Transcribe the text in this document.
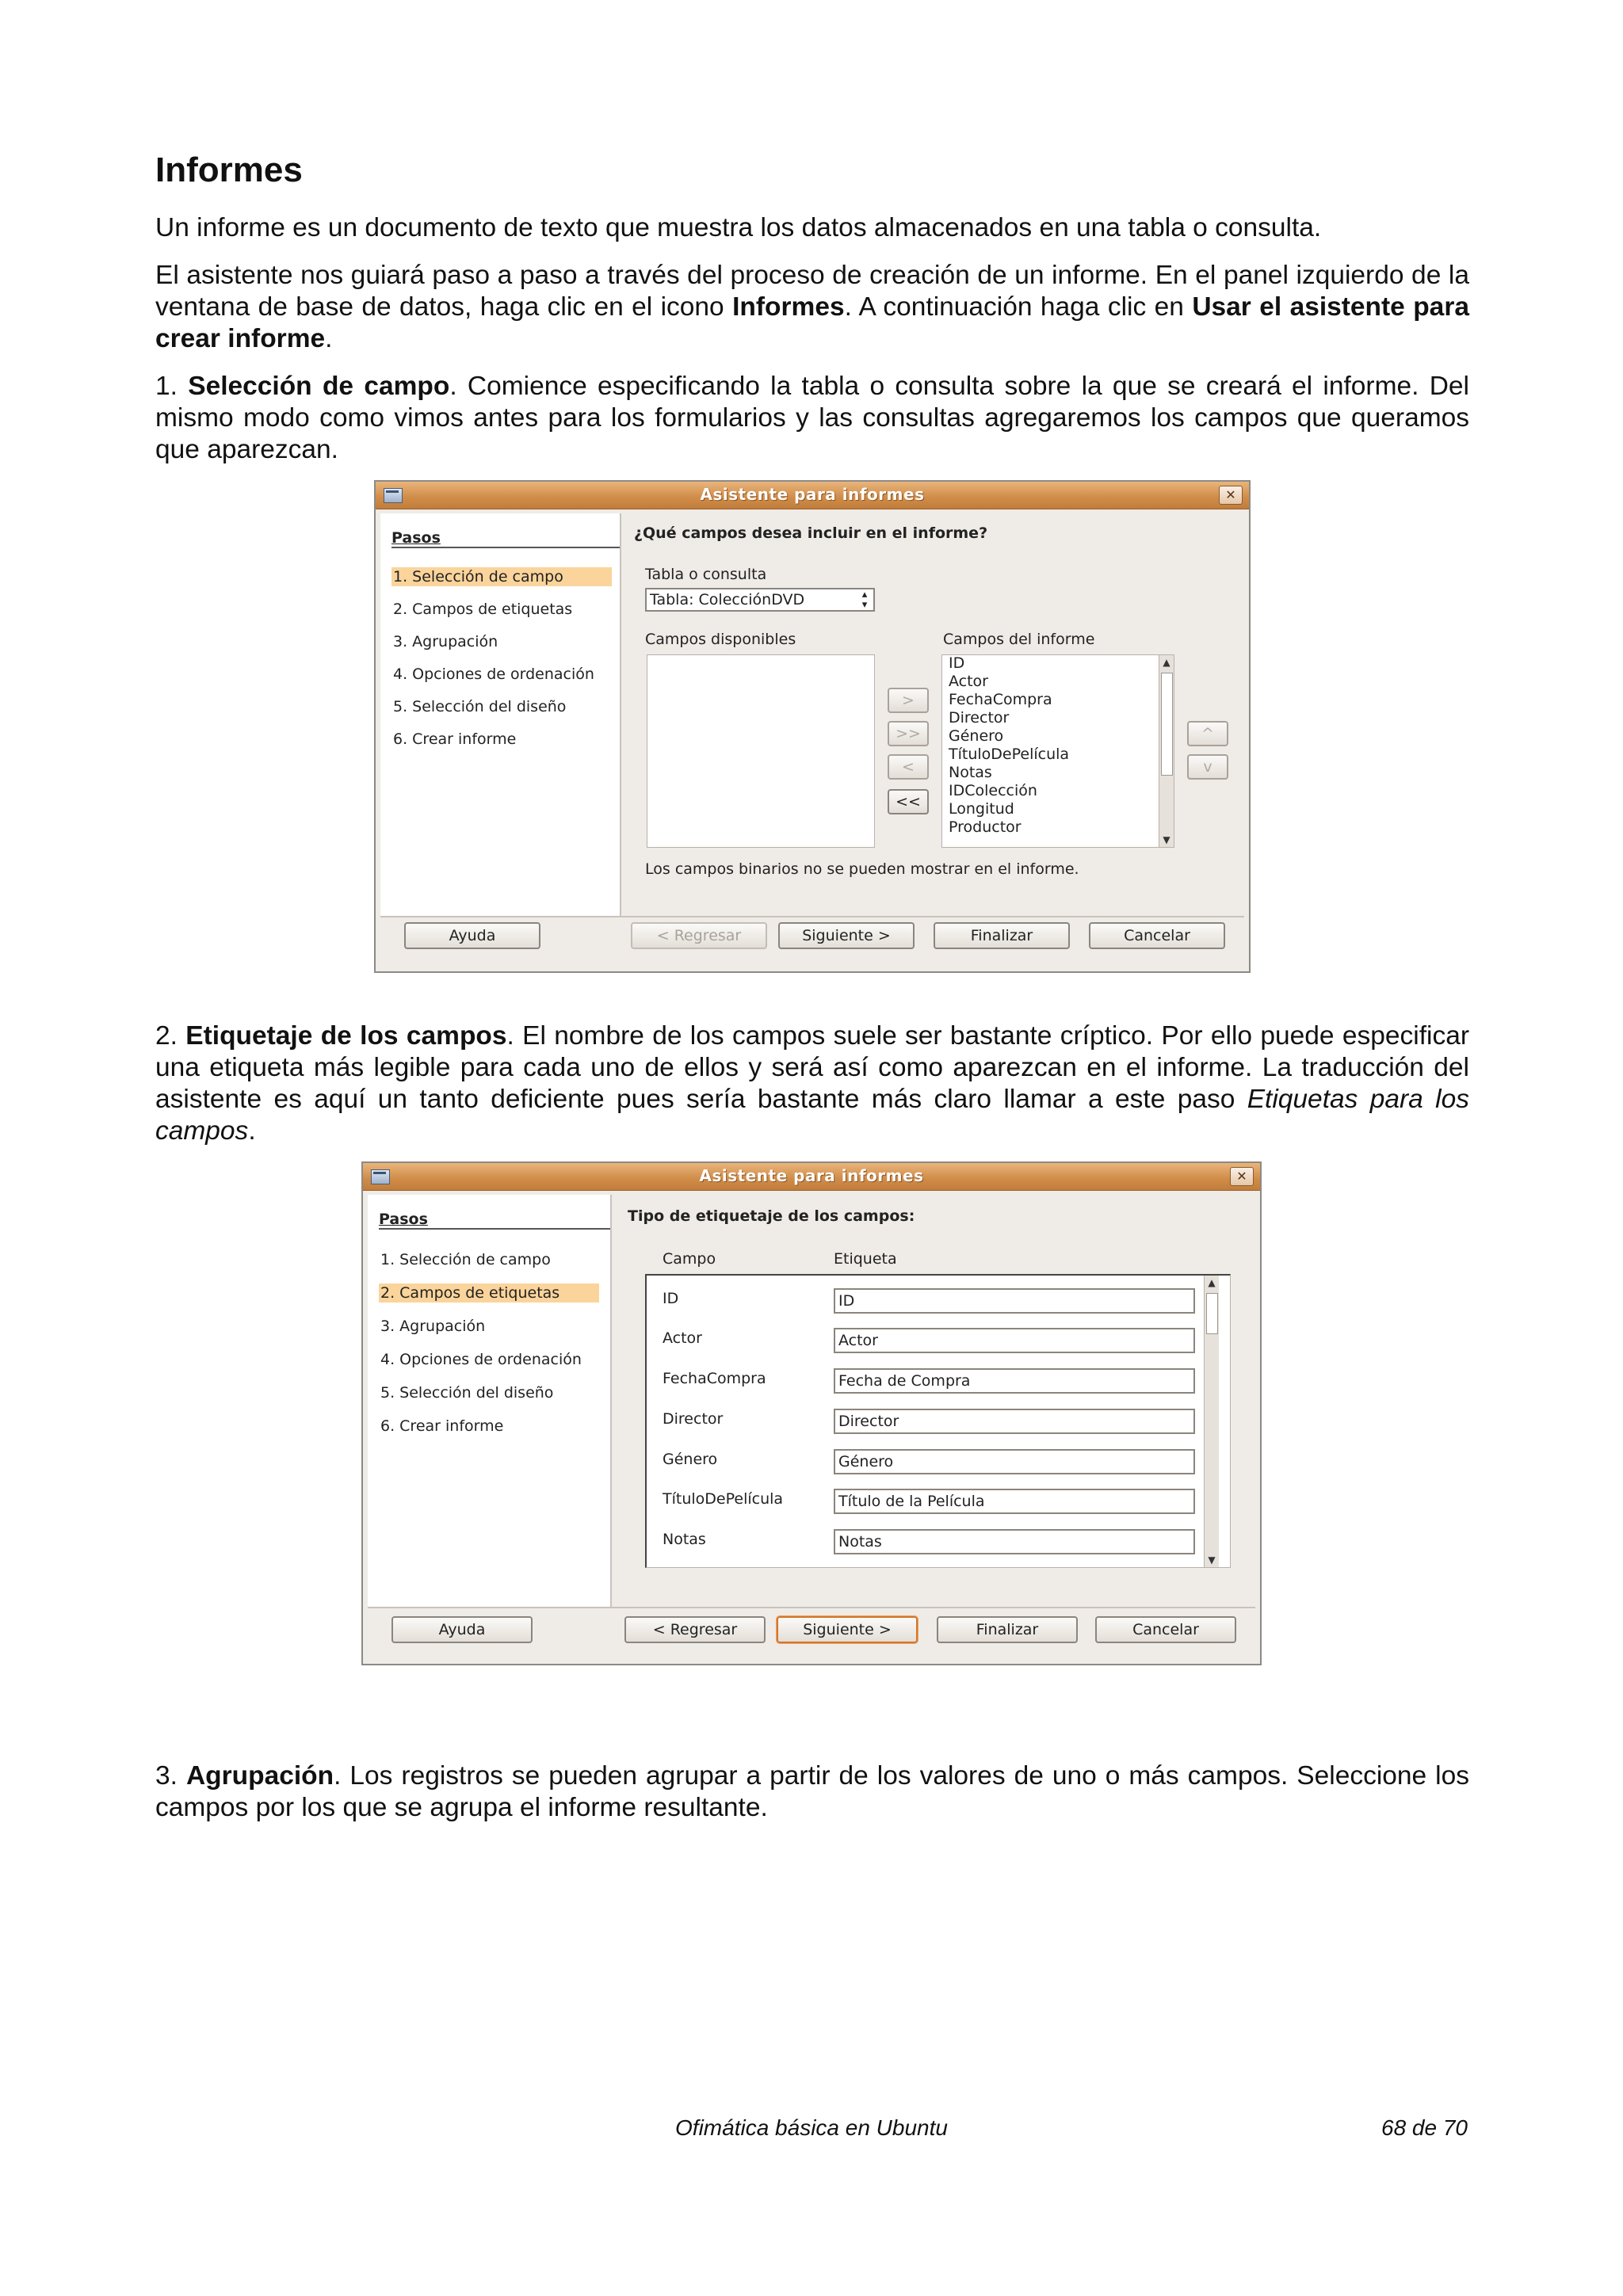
Informes

Un informe es un documento de texto que muestra los datos almacenados en una tabla o consulta.

El asistente nos guiará paso a paso a través del proceso de creación de un informe. En el panel izquierdo de la ventana de base de datos, haga clic en el icono Informes. A continuación haga clic en Usar el asistente para crear informe.

1. Selección de campo. Comience especificando la tabla o consulta sobre la que se creará el informe. Del mismo modo como vimos antes para los formularios y las consultas agregaremos los campos que queramos que aparezcan.

Asistente para informes	✕
Pasos
1. Selección de campo
2. Campos de etiquetas
3. Agrupación
4. Opciones de ordenación
5. Selección del diseño
6. Crear informe
¿Qué campos desea incluir en el informe?
Tabla o consulta
Tabla: ColecciónDVD	▴
▾
Campos disponibles
>
>>
<
<<
Campos del informe
ID
Actor
FechaCompra
Director
Género
TítuloDePelícula
Notas
IDColección
Longitud
Productor
▲
▼
^
v
Los campos binarios no se pueden mostrar en el informe.
Ayuda	< Regresar	Siguiente >	Finalizar	Cancelar

2. Etiquetaje de los campos. El nombre de los campos suele ser bastante críptico. Por ello puede especificar una etiqueta más legible para cada uno de ellos y será así como aparezcan en el informe. La traducción del asistente es aquí un tanto deficiente pues sería bastante más claro llamar a este paso Etiquetas para los campos.

Asistente para informes	✕
Pasos
1. Selección de campo
2. Campos de etiquetas
3. Agrupación
4. Opciones de ordenación
5. Selección del diseño
6. Crear informe
Tipo de etiquetaje de los campos:
Campo	Etiqueta
ID	ID
Actor	Actor
FechaCompra	Fecha de Compra
Director	Director
Género	Género
TítuloDePelícula	Título de la Película
Notas	Notas
▲
▼
Ayuda	< Regresar	Siguiente >	Finalizar	Cancelar

3. Agrupación. Los registros se pueden agrupar a partir de los valores de uno o más campos. Seleccione los campos por los que se agrupa el informe resultante.

Ofimática básica en Ubuntu	68 de 70
